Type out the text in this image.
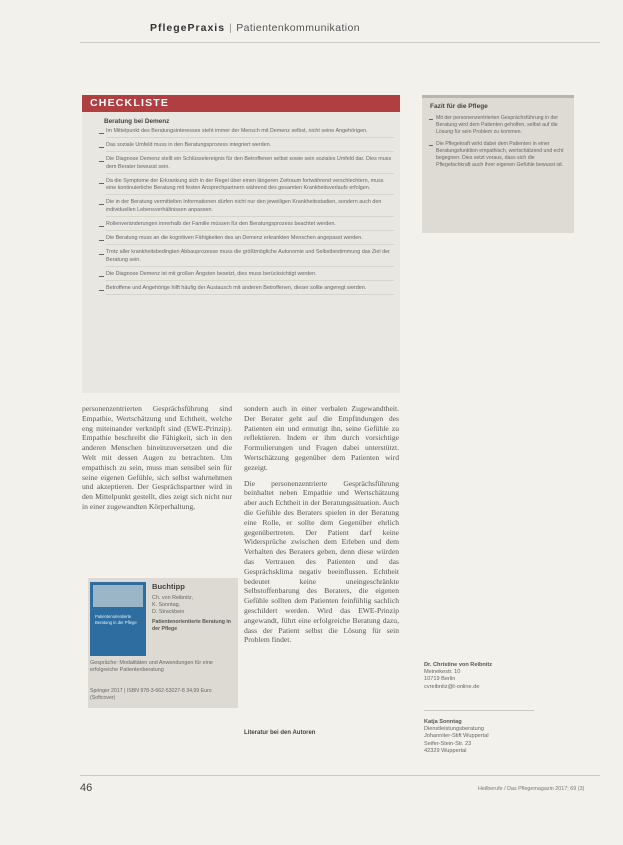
PflegePraxis | Patientenkommunikation
CHECKLISTE
Beratung bei Demenz
Im Mittelpunkt des Beratungsinteresses steht immer der Mensch mit Demenz selbst, nicht seine Angehörigen.
Das soziale Umfeld muss in den Beratungsprozess integriert werden.
Die Diagnose Demenz stellt ein Schlüsselereignis für den Betroffenen selbst sowie sein soziales Umfeld dar. Dies muss dem Berater bewusst sein.
Da die Symptome der Erkrankung sich in der Regel über einen längeren Zeitraum fortwährend verschlechtern, muss eine kontinuierliche Beratung mit festen Ansprechpartnern während des gesamten Krankheitsverlaufs erfolgen.
Die in der Beratung vermittelten Informationen dürfen nicht nur den jeweiligen Krankheitsstadien, sondern auch den individuellen Lebensverhältnissen anpassen.
Rollenveränderungen innerhalb der Familie müssen für den Beratungsprozess beachtet werden.
Die Beratung muss an die kognitiven Fähigkeiten des an Demenz erkrankten Menschen angepasst werden.
Trotz aller krankheitsbedingten Abbauprozesse muss die größtmögliche Autonomie und Selbstbestimmung das Ziel der Beratung sein.
Die Diagnose Demenz ist mit großen Ängsten besetzt, dies muss berücksichtigt werden.
Betroffene und Angehörige hilft häufig der Austausch mit anderen Betroffenen, dieser sollte angeregt werden.
Fazit für die Pflege
Mit der personenzentrierten Gesprächsführung in der Beratung wird dem Patienten geholfen, selbst auf die Lösung für sein Problem zu kommen.
Die Pflegekraft wirkt dabei dem Patienten in einer Beratungsfunktion empathisch, wertschätzend und echt begegnen. Dies setzt voraus, dass sich die Pflegefachkraft auch ihrer eigenen Gefühle bewusst ist.

personenzentrierten Gesprächsführung sind Empathie, Wertschätzung und Echtheit, welche eng miteinander verknüpft sind (EWE-Prinzip). Empathie beschreibt die Fähigkeit, sich in den anderen Menschen hineinzuversetzen und die Welt mit dessen Augen zu betrachten. Um empathisch zu sein, muss man sensibel sein für seine eigenen Gefühle, sich selbst wahrnehmen und akzeptieren. Der Gesprächspartner wird in den Mittelpunkt gestellt, dies zeigt sich nicht nur in einer zugewandten Körperhaltung,

sondern auch in einer verbalen Zugewandtheit. Der Berater geht auf die Empfindungen des Patienten ein und ermutigt ihn, seine Gefühle zu reflektieren. Indem er ihm durch vorsichtige Formulierungen und Fragen dabei unterstützt. Wertschätzung gegenüber dem Patienten wird gezeigt.

Die personenzentrierte Gesprächsführung beinhaltet neben Empathie und Wertschätzung aber auch Echtheit in der Beratungssituation. Auch die Gefühle des Beraters spielen in der Beratung eine Rolle, er sollte dem Gegenüber ehrlich gegenübertreten. Der Patient darf keine Widersprüche zwischen dem Erleben und dem Verhalten des Beraters geben, denn diese würden das Vertrauen des Patienten und das Gesprächsklima negativ beeinflussen. Echtheit bedeutet keine uneingeschränkte Selbstoffenbarung des Beraters, die eigenen Gefühle sollten dem Patienten feinfühlig sachlich geschildert werden. Wird das EWE-Prinzip angewandt, führt eine erfolgreiche Beratung dazu, dass der Patient selbst die Lösung für sein Problem findet.

Literatur bei den Autoren
Patientenorientierte Beratung in der Pflege
Buchtipp
Ch. von Reibnitz,
K. Sonntag,
D. Strackbein
Patientenorientierte Beratung in der Pflege
Gespräche: Modalitäten und Anwendungen für eine erfolgreiche Patientenberatung
Springer 2017 | ISBN 978-3-662-53027-8 34,99 Euro (Softcover)
Dr. Christine von Reibnitz
Meinekestr. 10
10719 Berlin
cvreibnitz@t-online.de
Katja Sonntag
Dienstleistungsberatung
Johanniter-Stift Wuppertal
Seifer-Stein-Str. 23
42329 Wuppertal
46	Heilberufe / Das Pflegemagazin 2017; 69 (3)
